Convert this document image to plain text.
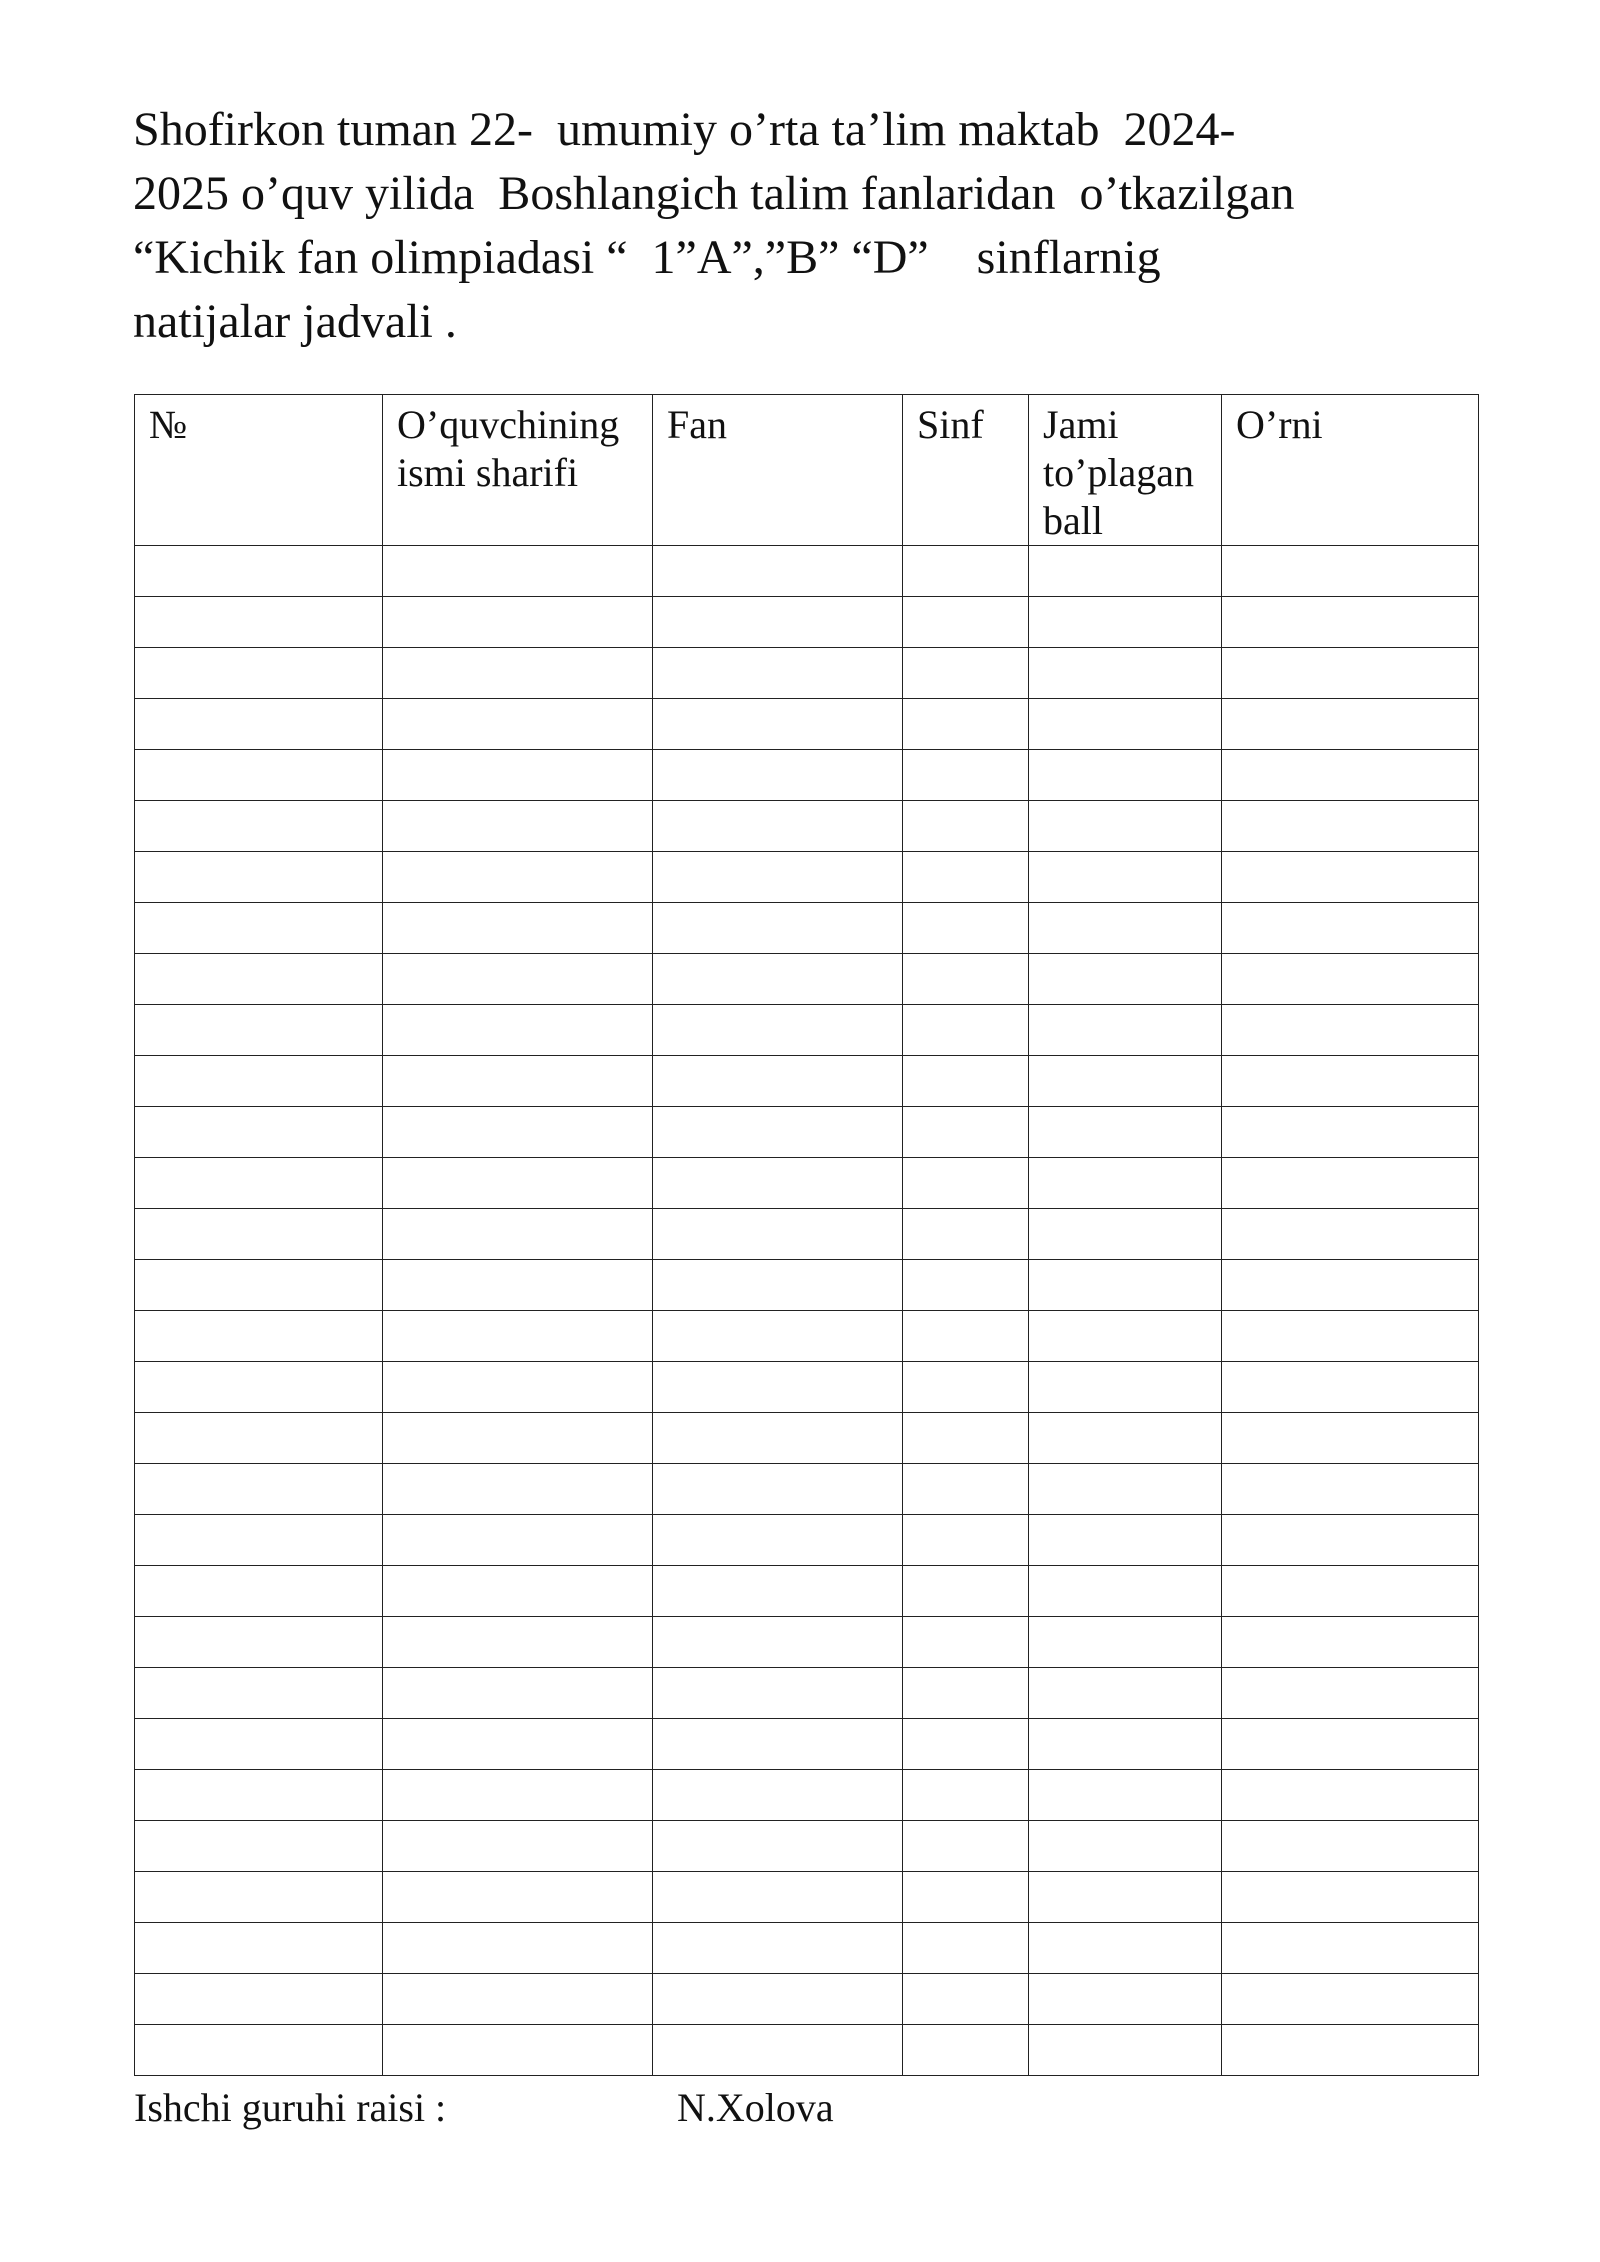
Shofirkon tuman 22-  umumiy o’rta ta’lim maktab  2024-
2025 o’quv yilida  Boshlangich talim fanlaridan  o’tkazilgan
“Kichik fan olimpiadasi “  1”A”,”B” “D”    sinflarnig
natijalar jadvali .
№	O’quvchining ismi sharifi	Fan	Sinf	Jami to’plagan ball	O’rni

Ishchi guruhi raisi :	N.Xolova
